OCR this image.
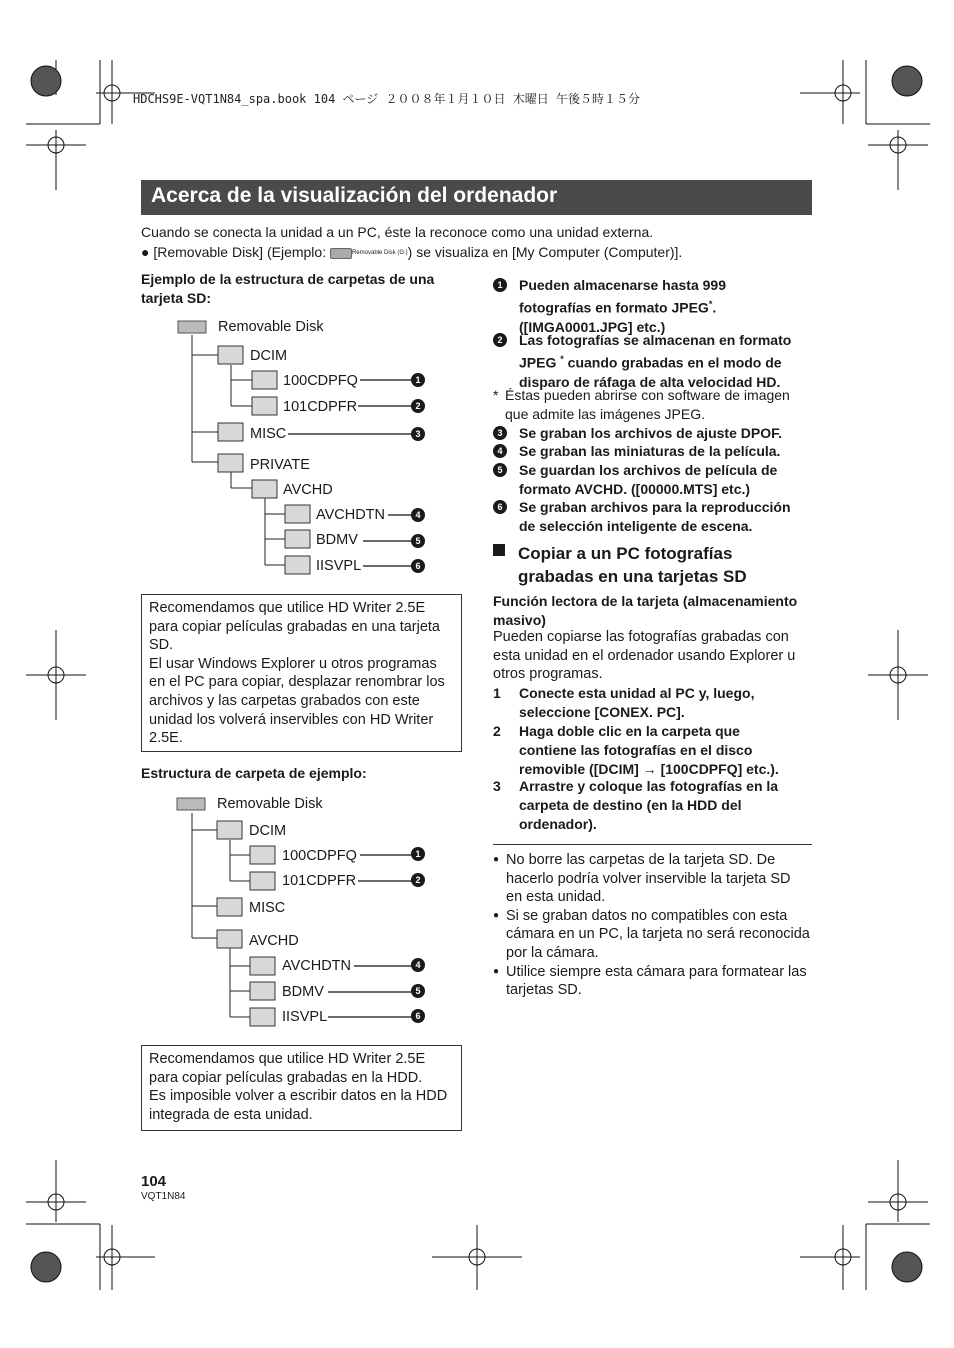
HDCHS9E-VQT1N84_spa.book 104 ページ ２００８年１月１０日 木曜日 午後５時１５分
Acerca de la visualización del ordenador
Cuando se conecta la unidad a un PC, éste la reconoce como una unidad externa.
● [Removable Disk] (Ejemplo:	Removable Disk (G:)) se visualiza en [My Computer (Computer)].
Ejemplo de la estructura de carpetas de una
tarjeta SD:
Removable Disk
DCIM
100CDPFQ
101CDPFR
MISC
PRIVATE
AVCHD
AVCHDTN
BDMV
IISVPL
1
2
3
4
5
6
Recomendamos que utilice HD Writer 2.5E
para copiar películas grabadas en una tarjeta
SD.
El usar Windows Explorer u otros programas
en el PC para copiar, desplazar renombrar los
archivos y las carpetas grabados con este
unidad los volverá inservibles con HD Writer
2.5E.
Estructura de carpeta de ejemplo:
Removable Disk
DCIM
100CDPFQ
101CDPFR
MISC
AVCHD
AVCHDTN
BDMV
IISVPL
1
2
4
5
6
Recomendamos que utilice HD Writer 2.5E
para copiar películas grabadas en la HDD.
Es imposible volver a escribir datos en la HDD
integrada de esta unidad.
1	Pueden almacenarse hasta 999
fotografías en formato JPEG*.
([IMGA0001.JPG] etc.)
2	Las fotografías se almacenan en formato
JPEG * cuando grabadas en el modo de
disparo de ráfaga de alta velocidad HD.
* Éstas pueden abrirse con software de imagen
que admite las imágenes JPEG.
3	Se graban los archivos de ajuste DPOF.
4	Se graban las miniaturas de la película.
5	Se guardan los archivos de película de
formato AVCHD. ([00000.MTS] etc.)
6	Se graban archivos para la reproducción
de selección inteligente de escena.
Copiar a un PC fotografías
grabadas en una tarjetas SD
Función lectora de la tarjeta (almacenamiento
masivo)
Pueden copiarse las fotografías grabadas con
esta unidad en el ordenador usando Explorer u
otros programas.
1 Conecte esta unidad al PC y, luego,
seleccione [CONEX. PC].
2 Haga doble clic en la carpeta que
contiene las fotografías en el disco
removible ([DCIM] → [100CDPFQ] etc.).
3 Arrastre y coloque las fotografías en la
carpeta de destino (en la HDD del
ordenador).
● No borre las carpetas de la tarjeta SD. De
hacerlo podría volver inservible la tarjeta SD
en esta unidad.
● Si se graban datos no compatibles con esta
cámara en un PC, la tarjeta no será reconocida
por la cámara.
● Utilice siempre esta cámara para formatear las
tarjetas SD.
104
VQT1N84
